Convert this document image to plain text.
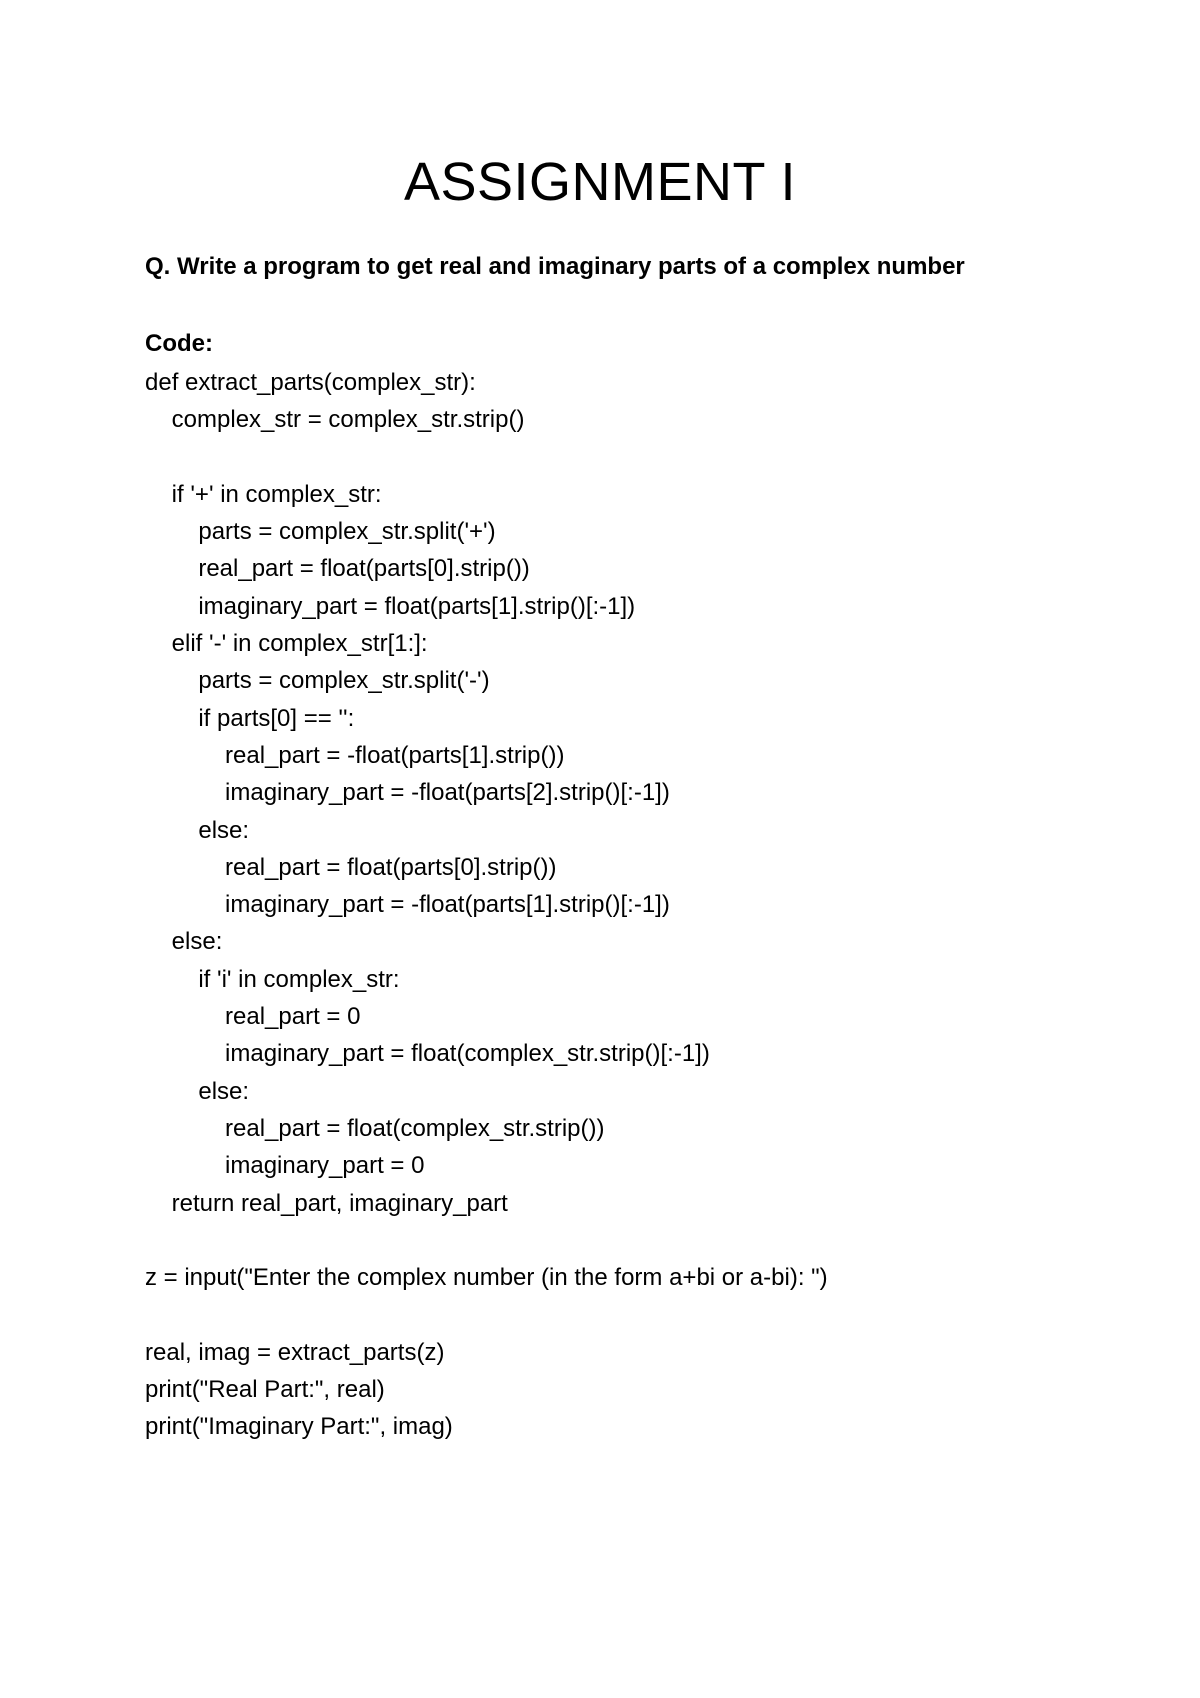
ASSIGNMENT I
Q. Write a program to get real and imaginary parts of a complex number
Code:
def extract_parts(complex_str):
complex_str = complex_str.strip()
if '+' in complex_str:
parts = complex_str.split('+')
real_part = float(parts[0].strip())
imaginary_part = float(parts[1].strip()[:-1])
elif '-' in complex_str[1:]:
parts = complex_str.split('-')
if parts[0] == '':
real_part = -float(parts[1].strip())
imaginary_part = -float(parts[2].strip()[:-1])
else:
real_part = float(parts[0].strip())
imaginary_part = -float(parts[1].strip()[:-1])
else:
if 'i' in complex_str:
real_part = 0
imaginary_part = float(complex_str.strip()[:-1])
else:
real_part = float(complex_str.strip())
imaginary_part = 0
return real_part, imaginary_part
z = input("Enter the complex number (in the form a+bi or a-bi): ")
real, imag = extract_parts(z)
print("Real Part:", real)
print("Imaginary Part:", imag)
